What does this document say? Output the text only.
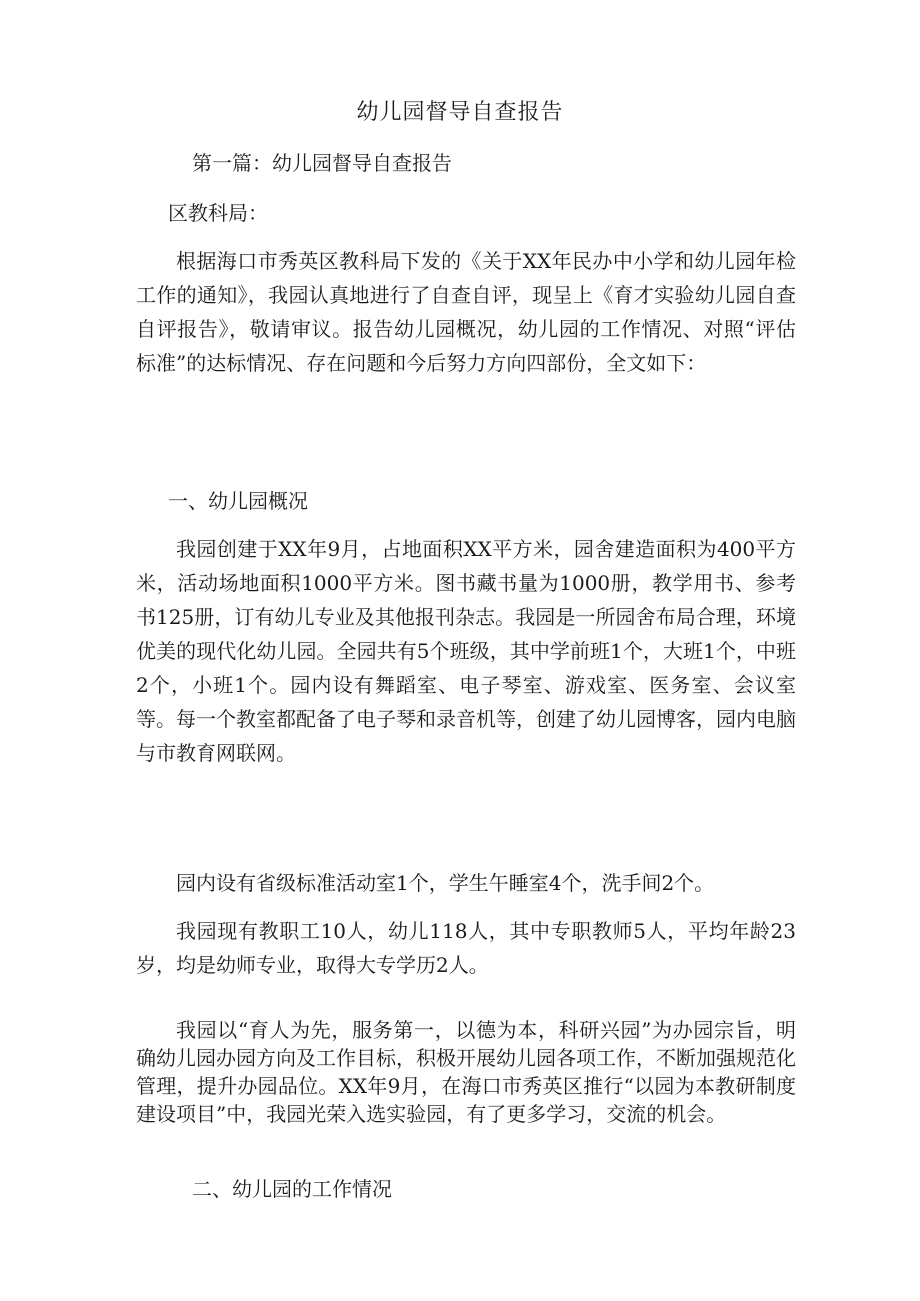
幼儿园督导自查报告

第一篇：幼儿园督导自查报告

区教科局：

根据海口市秀英区教科局下发的《关于XX年民办中小学和幼儿园年检工作的通知》，我园认真地进行了自查自评，现呈上《育才实验幼儿园自查自评报告》，敬请审议。报告幼儿园概况，幼儿园的工作情况、对照“评估标准”的达标情况、存在问题和今后努力方向四部份，全文如下：

一、幼儿园概况

我园创建于XX年9月，占地面积XX平方米，园舍建造面积为400平方米，活动场地面积1000平方米。图书藏书量为1000册，教学用书、参考书125册，订有幼儿专业及其他报刊杂志。我园是一所园舍布局合理，环境优美的现代化幼儿园。全园共有5个班级，其中学前班1个，大班1个，中班2个，小班1个。园内设有舞蹈室、电子琴室、游戏室、医务室、会议室等。每一个教室都配备了电子琴和录音机等，创建了幼儿园博客，园内电脑与市教育网联网。

园内设有省级标准活动室1个，学生午睡室4个，洗手间2个。

我园现有教职工10人，幼儿118人，其中专职教师5人，平均年龄23岁，均是幼师专业，取得大专学历2人。

我园以“育人为先，服务第一，以德为本，科研兴园”为办园宗旨，明确幼儿园办园方向及工作目标，积极开展幼儿园各项工作，不断加强规范化管理，提升办园品位。XX年9月，在海口市秀英区推行“以园为本教研制度建设项目”中，我园光荣入选实验园，有了更多学习，交流的机会。

二、幼儿园的工作情况
